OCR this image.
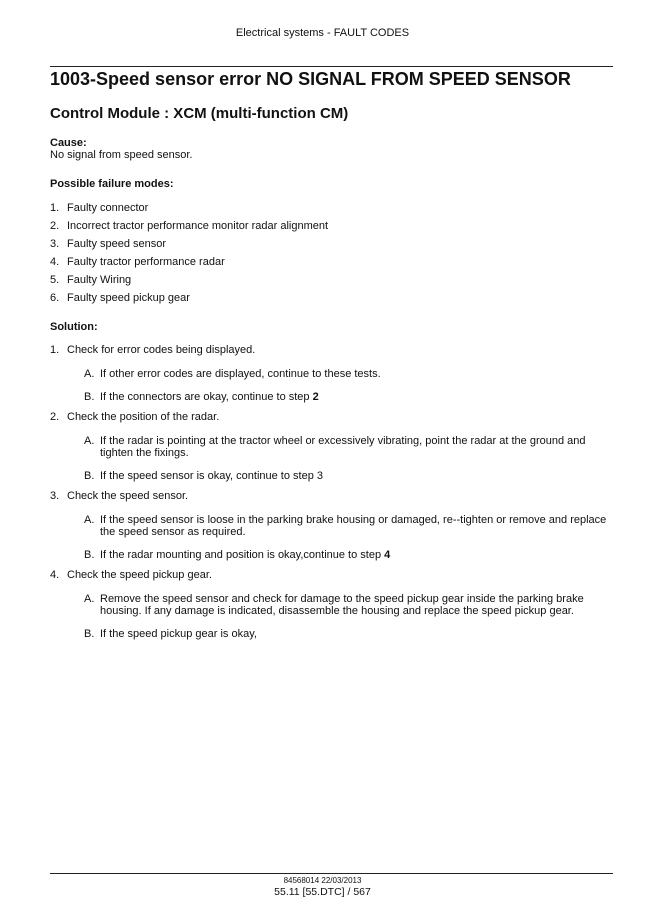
Electrical systems - FAULT CODES
1003-Speed sensor error NO SIGNAL FROM SPEED SENSOR
Control Module : XCM (multi-function CM)
Cause:
No signal from speed sensor.
Possible failure modes:
1. Faulty connector
2. Incorrect tractor performance monitor radar alignment
3. Faulty speed sensor
4. Faulty tractor performance radar
5. Faulty Wiring
6. Faulty speed pickup gear
Solution:
1. Check for error codes being displayed.
A. If other error codes are displayed, continue to these tests.
B. If the connectors are okay, continue to step 2
2. Check the position of the radar.
A. If the radar is pointing at the tractor wheel or excessively vibrating, point the radar at the ground and tighten the fixings.
B. If the speed sensor is okay, continue to step 3
3. Check the speed sensor.
A. If the speed sensor is loose in the parking brake housing or damaged, re--tighten or remove and replace the speed sensor as required.
B. If the radar mounting and position is okay,continue to step 4
4. Check the speed pickup gear.
A. Remove the speed sensor and check for damage to the speed pickup gear inside the parking brake housing. If any damage is indicated, disassemble the housing and replace the speed pickup gear.
B. If the speed pickup gear is okay,
84568014 22/03/2013
55.11 [55.DTC] / 567
